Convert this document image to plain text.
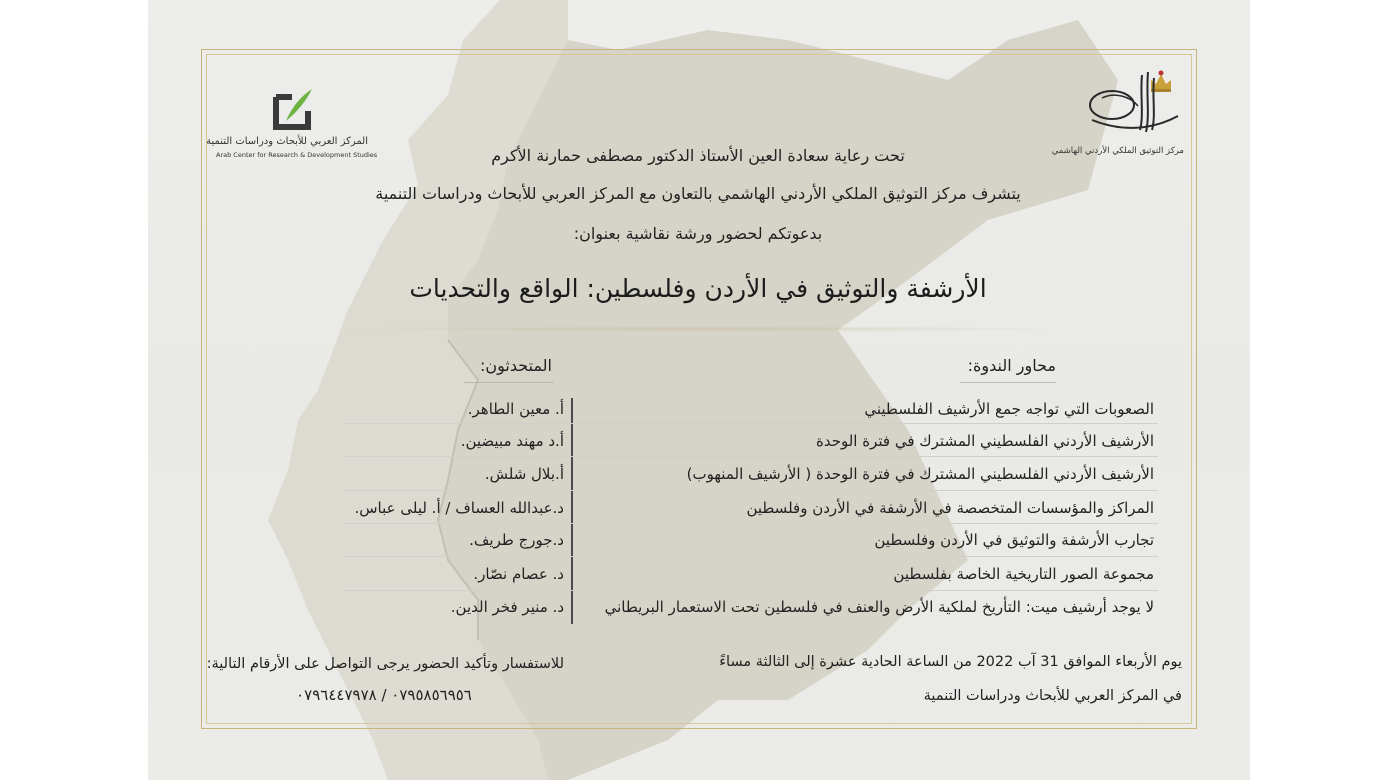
المركز العربي للأبحاث ودراسات التنمية
Arab Center for Research & Development Studies	مركز التوثيق الملكي الأردني الهاشمي
تحت رعاية سعادة العين الأستاذ الدكتور مصطفى حمارنة الأكرم
يتشرف مركز التوثيق الملكي الأردني الهاشمي بالتعاون مع المركز العربي للأبحاث ودراسات التنمية
بدعوتكم لحضور ورشة نقاشية بعنوان:
الأرشفة والتوثيق في الأردن وفلسطين: الواقع والتحديات
محاور الندوة:
المتحدثون:
الصعوبات التي تواجه جمع الأرشيف الفلسطيني
الأرشيف الأردني الفلسطيني المشترك في فترة الوحدة
الأرشيف الأردني الفلسطيني المشترك في فترة الوحدة ( الأرشيف المنهوب)
المراكز والمؤسسات المتخصصة في الأرشفة في الأردن وفلسطين
تجارب الأرشفة والتوثيق في الأردن وفلسطين
مجموعة الصور التاريخية الخاصة بفلسطين
لا يوجد أرشيف ميت: التأريخ لملكية الأرض والعنف في فلسطين تحت الاستعمار البريطاني
أ. معين الطاهر.
أ.د مهند مبيضين.
أ.بلال شلش.
د.عبدالله العساف / أ. ليلى عباس.
د.جورج طريف.
د. عصام نصّار.
د. منير فخر الدين.
يوم الأربعاء الموافق 31 آب 2022 من الساعة الحادية عشرة إلى الثالثة مساءً
في المركز العربي للأبحاث ودراسات التنمية
للاستفسار وتأكيد الحضور يرجى التواصل على الأرقام التالية:
٠٧٩٥٨٥٦٩٥٦ / ٠٧٩٦٤٤٧٩٧٨
